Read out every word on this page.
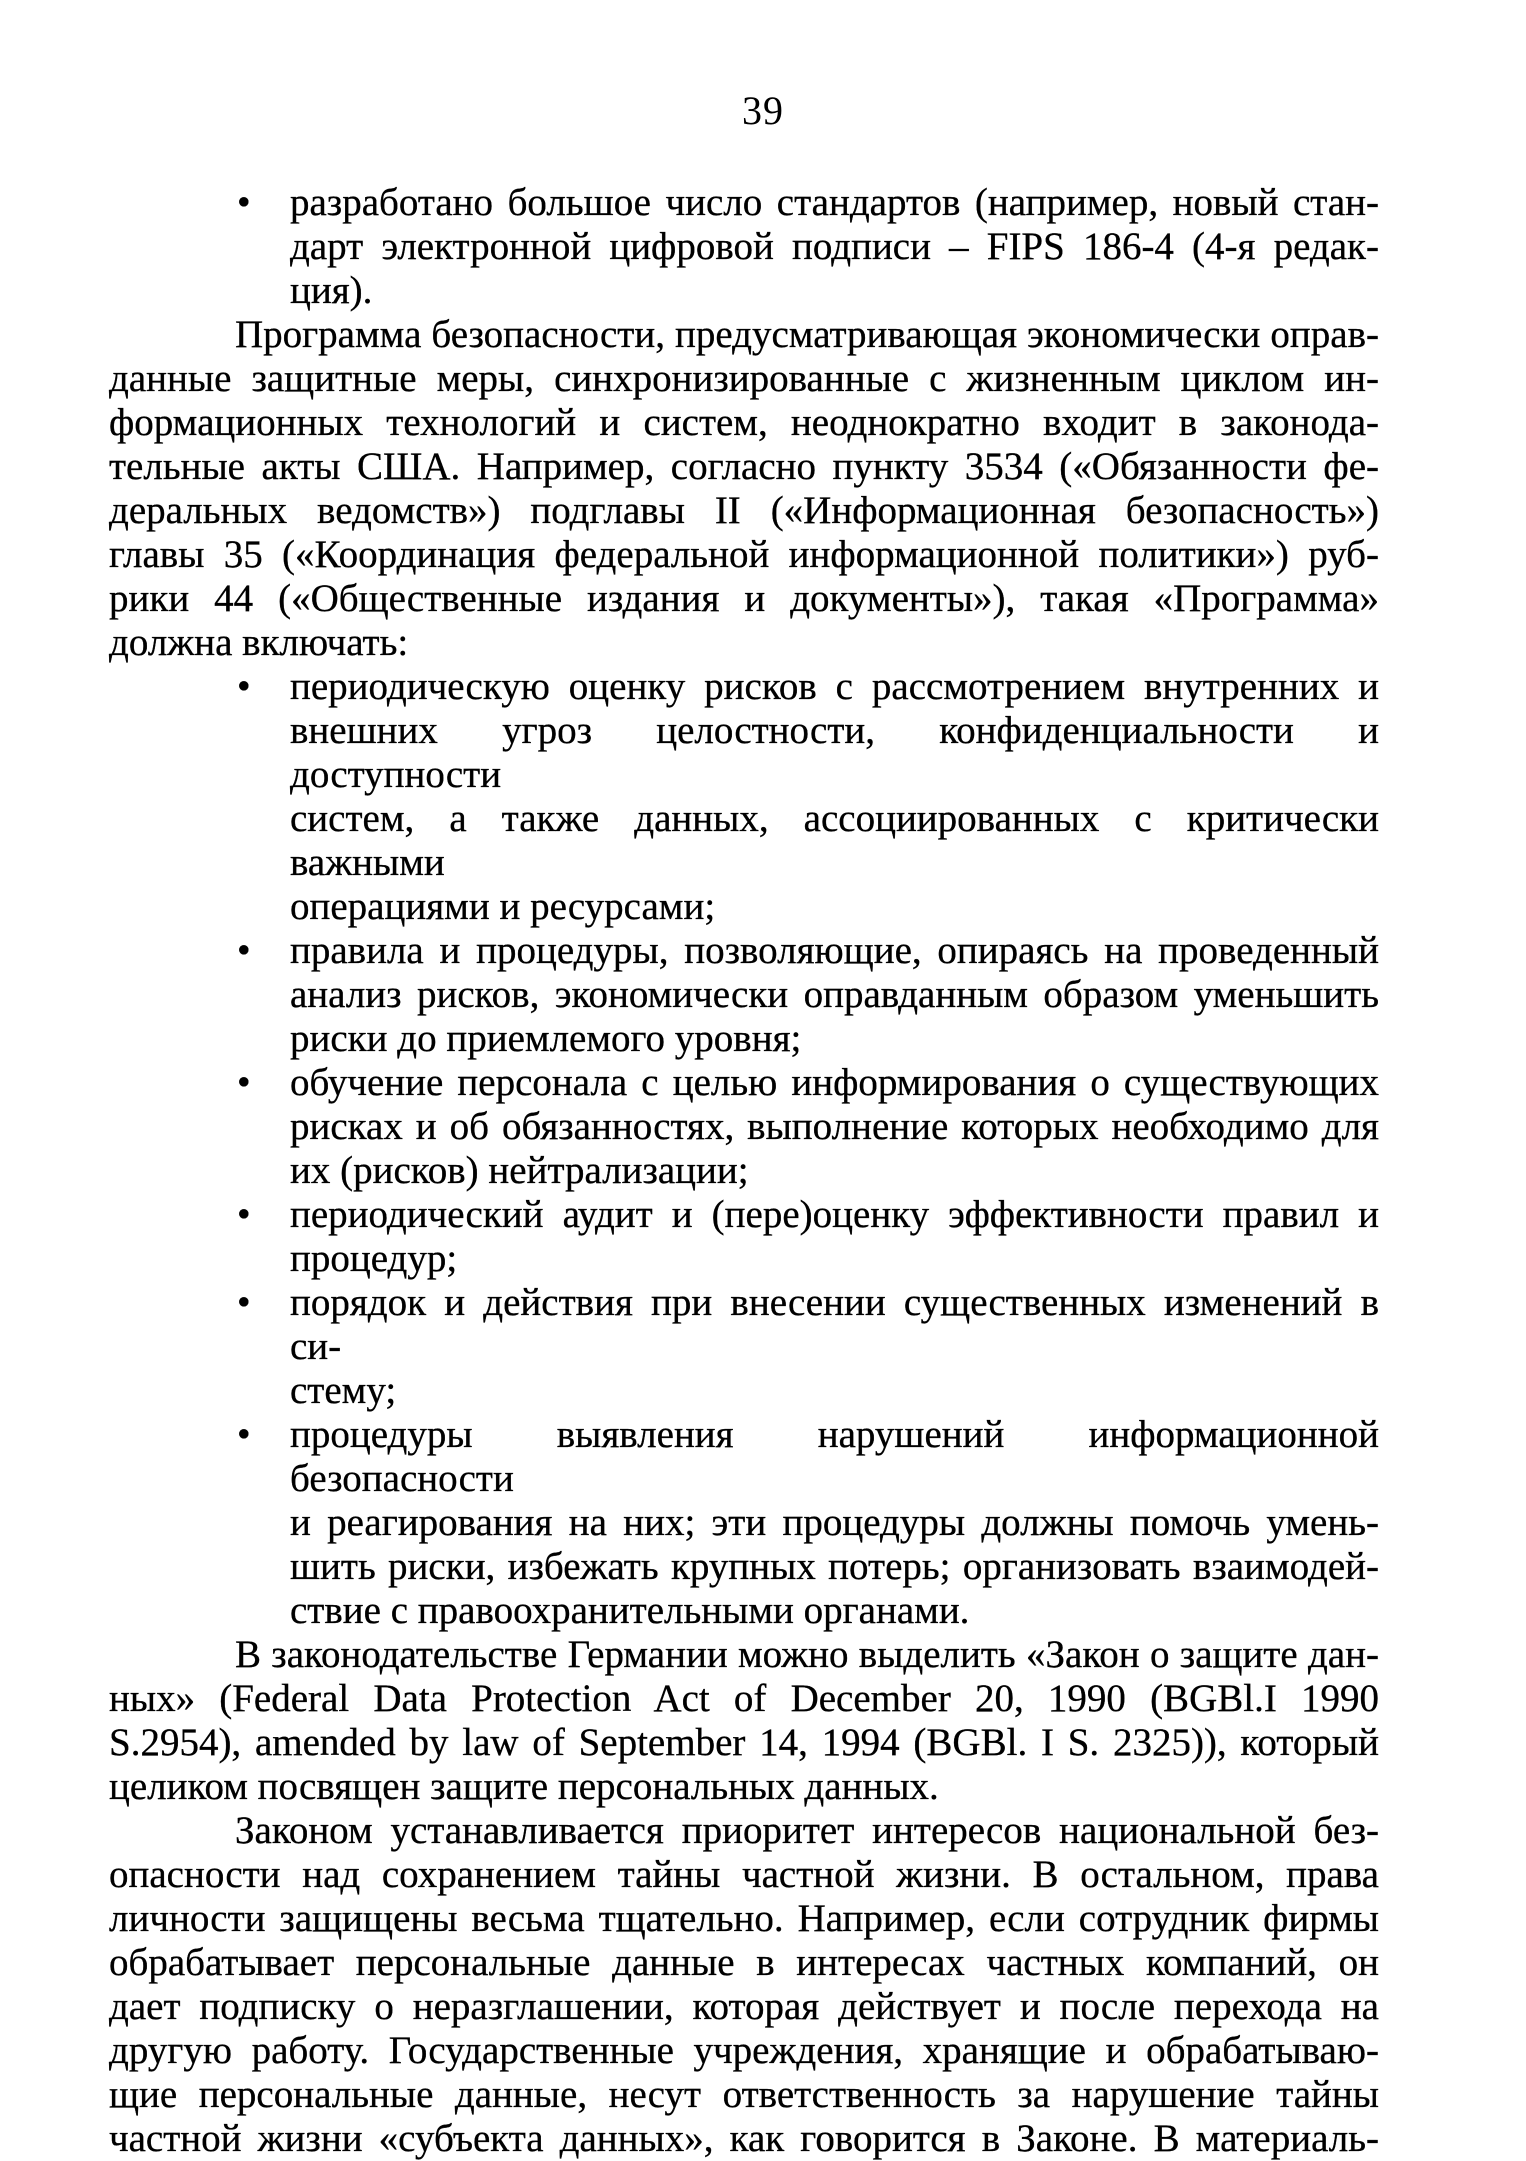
39
• разработано большое число стандартов (например, новый стан-
дарт электронной цифровой подписи – FIPS 186-4 (4-я редак-
ция).
Программа безопасности, предусматривающая экономически оправ-
данные защитные меры, синхронизированные с жизненным циклом ин-
формационных технологий и систем, неоднократно входит в законода-
тельные акты США. Например, согласно пункту 3534 («Обязанности фе-
деральных ведомств») подглавы II («Информационная безопасность»)
главы 35 («Координация федеральной информационной политики») руб-
рики 44 («Общественные издания и документы»), такая «Программа»
должна включать:
• периодическую оценку рисков с рассмотрением внутренних и
внешних угроз целостности, конфиденциальности и доступности
систем, а также данных, ассоциированных с критически важными
операциями и ресурсами;
• правила и процедуры, позволяющие, опираясь на проведенный
анализ рисков, экономически оправданным образом уменьшить
риски до приемлемого уровня;
• обучение персонала с целью информирования о существующих
рисках и об обязанностях, выполнение которых необходимо для
их (рисков) нейтрализации;
• периодический аудит и (пере)оценку эффективности правил и
процедур;
• порядок и действия при внесении существенных изменений в си-
стему;
• процедуры выявления нарушений информационной безопасности
и реагирования на них; эти процедуры должны помочь умень-
шить риски, избежать крупных потерь; организовать взаимодей-
ствие с правоохранительными органами.
В законодательстве Германии можно выделить «Закон о защите дан-
ных» (Federal Data Protection Act of December 20, 1990 (BGBl.I 1990
S.2954), amended by law of September 14, 1994 (BGBl. I S. 2325)), который
целиком посвящен защите персональных данных.
Законом устанавливается приоритет интересов национальной без-
опасности над сохранением тайны частной жизни. В остальном, права
личности защищены весьма тщательно. Например, если сотрудник фирмы
обрабатывает персональные данные в интересах частных компаний, он
дает подписку о неразглашении, которая действует и после перехода на
другую работу. Государственные учреждения, хранящие и обрабатываю-
щие персональные данные, несут ответственность за нарушение тайны
частной жизни «субъекта данных», как говорится в Законе. В материаль-
